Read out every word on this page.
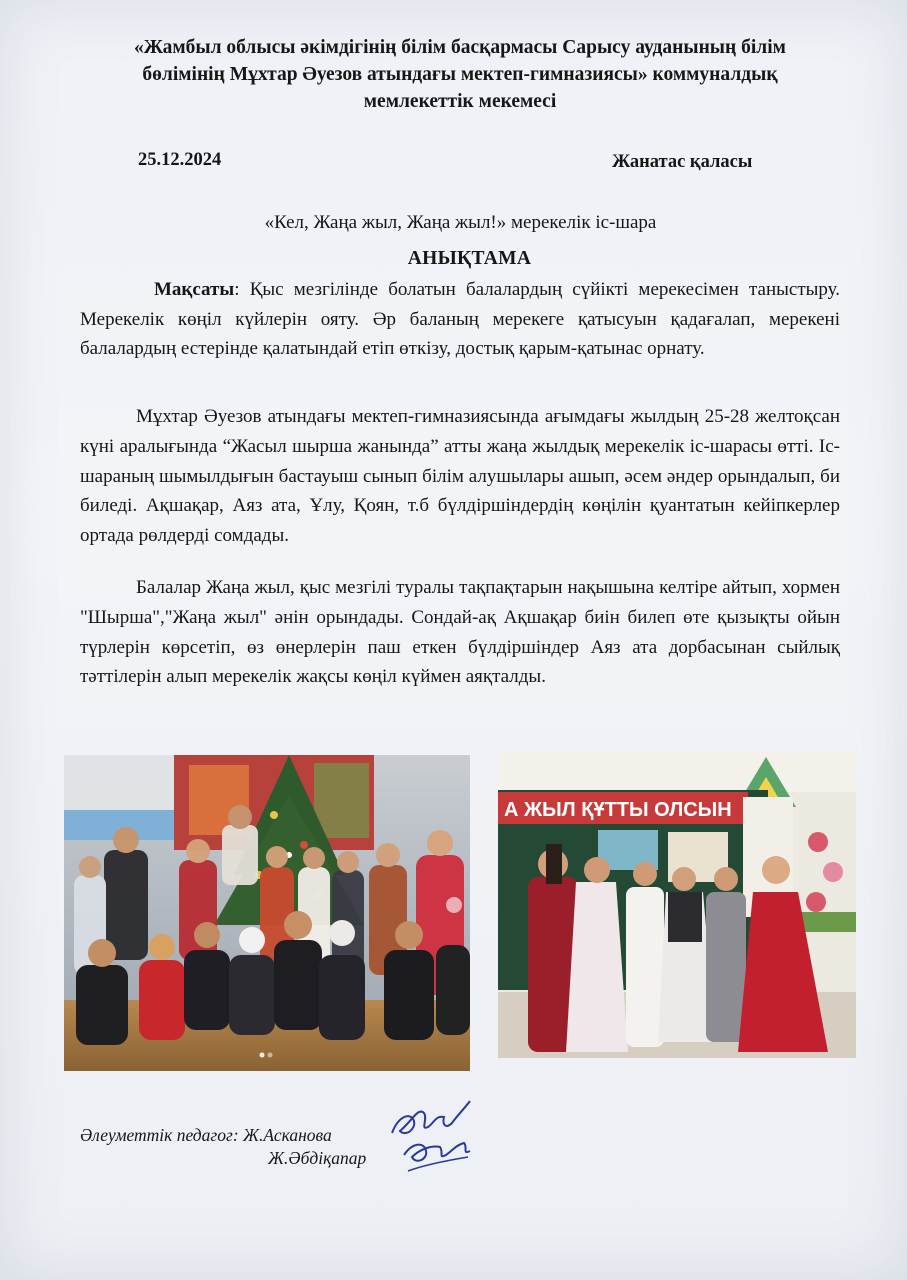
«Жамбыл облысы әкімдігінің білім басқармасы Сарысу ауданының білім
бөлімінің Мұхтар Әуезов атындағы мектеп-гимназиясы» коммуналдық
мемлекеттік мекемесі
25.12.2024	Жанатас қаласы
«Кел, Жаңа жыл, Жаңа жыл!» мерекелік іс-шара
АНЫҚТАМА
Мақсаты: Қыс мезгілінде болатын балалардың сүйікті мерекесімен таныстыру. Мерекелік көңіл күйлерін ояту. Әр баланың мерекеге қатысуын қадағалап, мерекені балалардың естерінде қалатындай етіп өткізу, достық қарым-қатынас орнату.
Мұхтар Әуезов атындағы мектеп-гимназиясында ағымдағы жылдың 25-28 желтоқсан күні аралығында “Жасыл шырша жанында” атты жаңа жылдық мерекелік іс-шарасы өтті. Іс-шараның шымылдығын бастауыш сынып білім алушылары ашып, әсем әндер орындалып, би биледі. Ақшақар, Аяз ата, Ұлу, Қоян, т.б бүлдіршіндердің көңілін қуантатын кейіпкерлер ортада рөлдерді сомдады.
Балалар Жаңа жыл, қыс мезгілі туралы тақпақтарын нақышына келтіре айтып, хормен "Шырша","Жаңа жыл" әнін орындады. Сондай-ақ Ақшақар биін билеп өте қызықты ойын түрлерін көрсетіп, өз өнерлерін паш еткен бүлдіршіндер Аяз ата дорбасынан сыйлық тәттілерін алып мерекелік жақсы көңіл күймен аяқталды.
А ЖЫЛ ҚҰТТЫ ОЛСЫН
Әлеуметтік педагог: Ж.Асканова
Ж.Әбдіқапар
